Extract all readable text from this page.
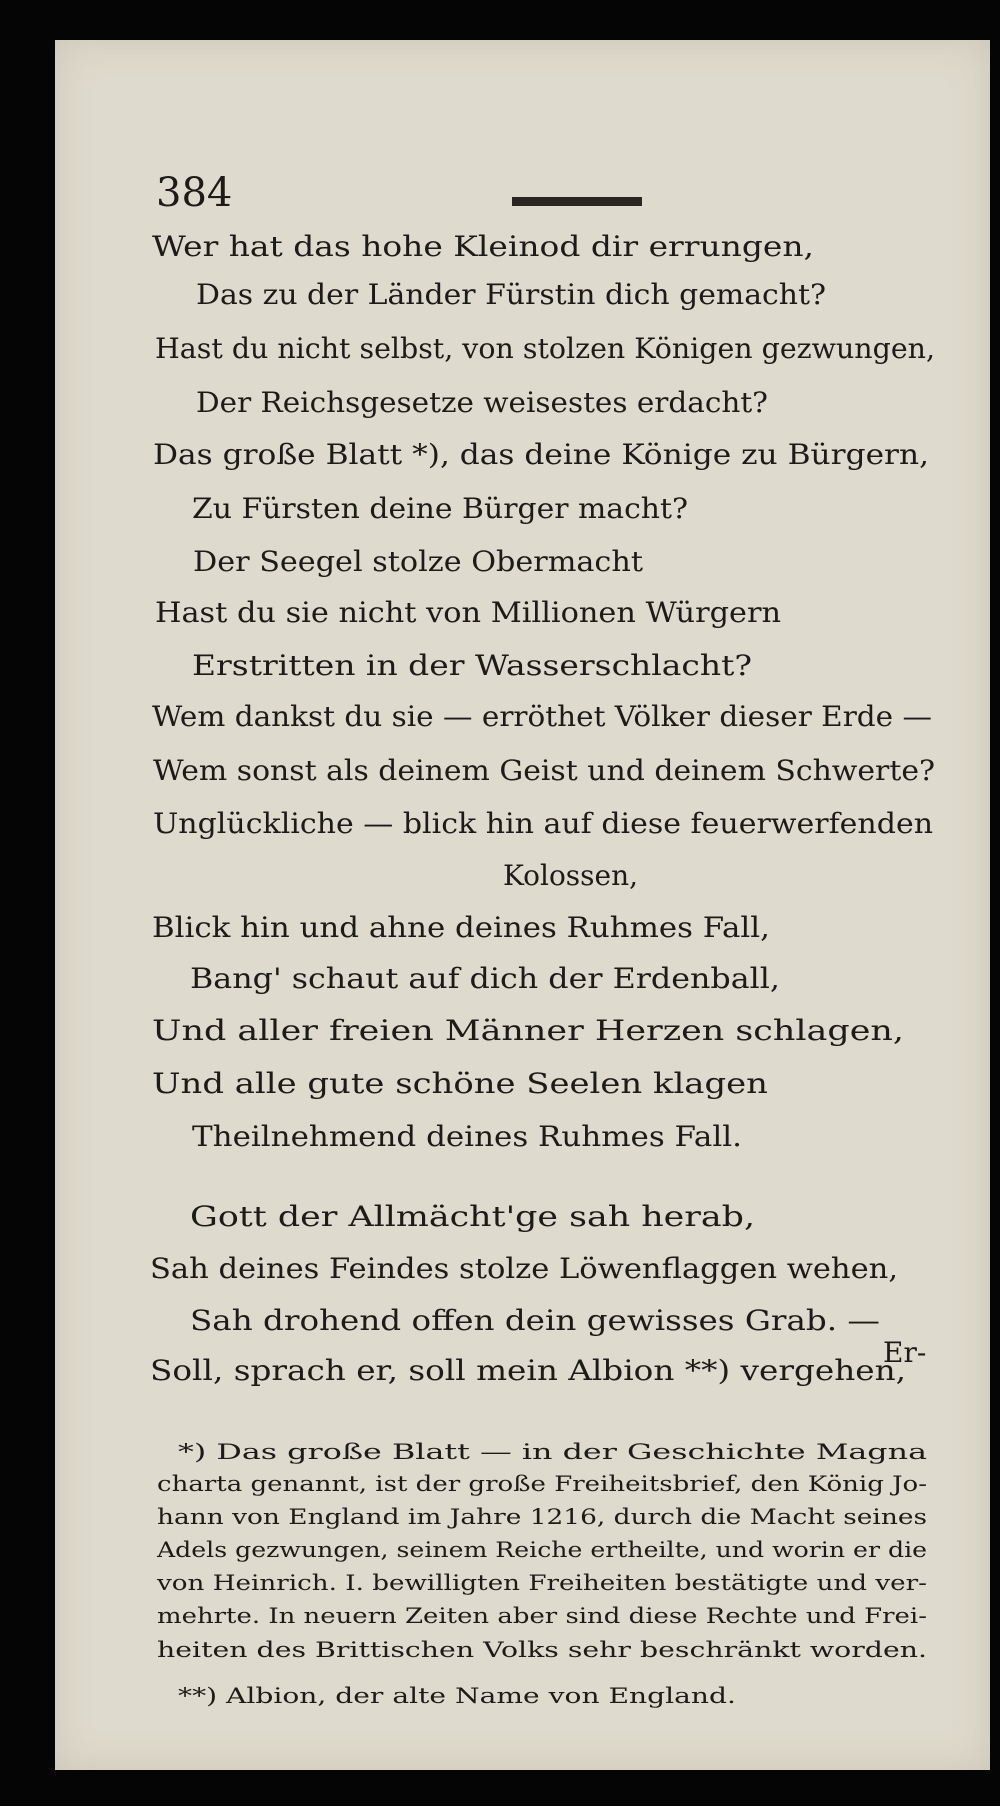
384
Wer hat das hohe Kleinod dir errungen,
Das zu der Länder Fürstin dich gemacht?
Hast du nicht selbst, von stolzen Königen gezwungen,
Der Reichsgesetze weisestes erdacht?
Das große Blatt *), das deine Könige zu Bürgern,
Zu Fürsten deine Bürger macht?
Der Seegel stolze Obermacht
Hast du sie nicht von Millionen Würgern
Erstritten in der Wasserschlacht?
Wem dankst du sie — erröthet Völker dieser Erde —
Wem sonst als deinem Geist und deinem Schwerte?
Unglückliche — blick hin auf diese feuerwerfenden
Kolossen,
Blick hin und ahne deines Ruhmes Fall,
Bang' schaut auf dich der Erdenball,
Und aller freien Männer Herzen schlagen,
Und alle gute schöne Seelen klagen
Theilnehmend deines Ruhmes Fall.
Gott der Allmächt'ge sah herab,
Sah deines Feindes stolze Löwenflaggen wehen,
Sah drohend offen dein gewisses Grab. —
Soll, sprach er, soll mein Albion **) vergehen,
Er-
*) Das große Blatt — in der Geschichte Magna
charta genannt, ist der große Freiheitsbrief, den König Jo-
hann von England im Jahre 1216, durch die Macht seines
Adels gezwungen, seinem Reiche ertheilte, und worin er die
von Heinrich. I. bewilligten Freiheiten bestätigte und ver-
mehrte. In neuern Zeiten aber sind diese Rechte und Frei-
heiten des Brittischen Volks sehr beschränkt worden.
**) Albion, der alte Name von England.
